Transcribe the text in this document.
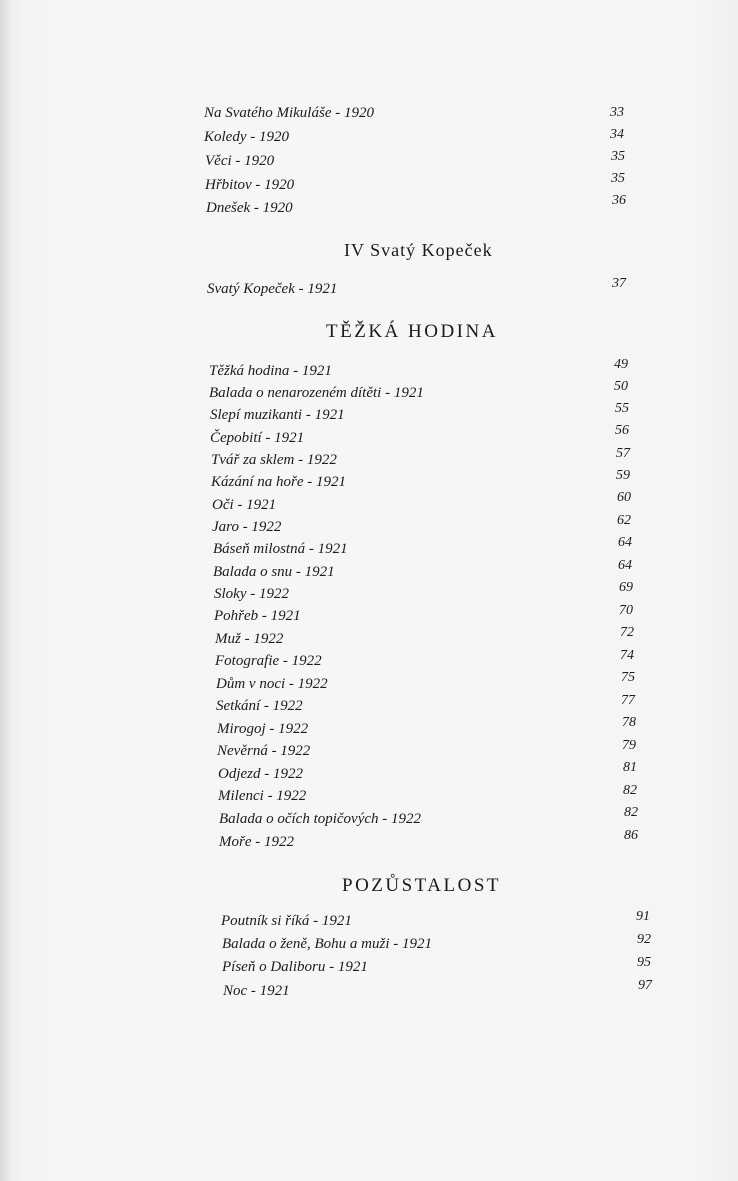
Na Svatého Mikuláše - 1920	33
Koledy - 1920	34
Věci - 1920	35
Hřbitov - 1920	35
Dnešek - 1920	36
IV Svatý Kopeček
Svatý Kopeček - 1921	37
TĚŽKÁ HODINA
Těžká hodina - 1921	49
Balada o nenarozeném dítěti - 1921	50
Slepí muzikanti - 1921	55
Čepobití - 1921	56
Tvář za sklem - 1922	57
Kázání na hoře - 1921	59
Oči - 1921	60
Jaro - 1922	62
Báseň milostná - 1921	64
Balada o snu - 1921	64
Sloky - 1922	69
Pohřeb - 1921	70
Muž - 1922	72
Fotografie - 1922	74
Dům v noci - 1922	75
Setkání - 1922	77
Mirogoj - 1922	78
Nevěrná - 1922	79
Odjezd - 1922	81
Milenci - 1922	82
Balada o očích topičových - 1922	82
Moře - 1922	86
POZŮSTALOST
Poutník si říká - 1921	91
Balada o ženě, Bohu a muži - 1921	92
Píseň o Daliboru - 1921	95
Noc - 1921	97
